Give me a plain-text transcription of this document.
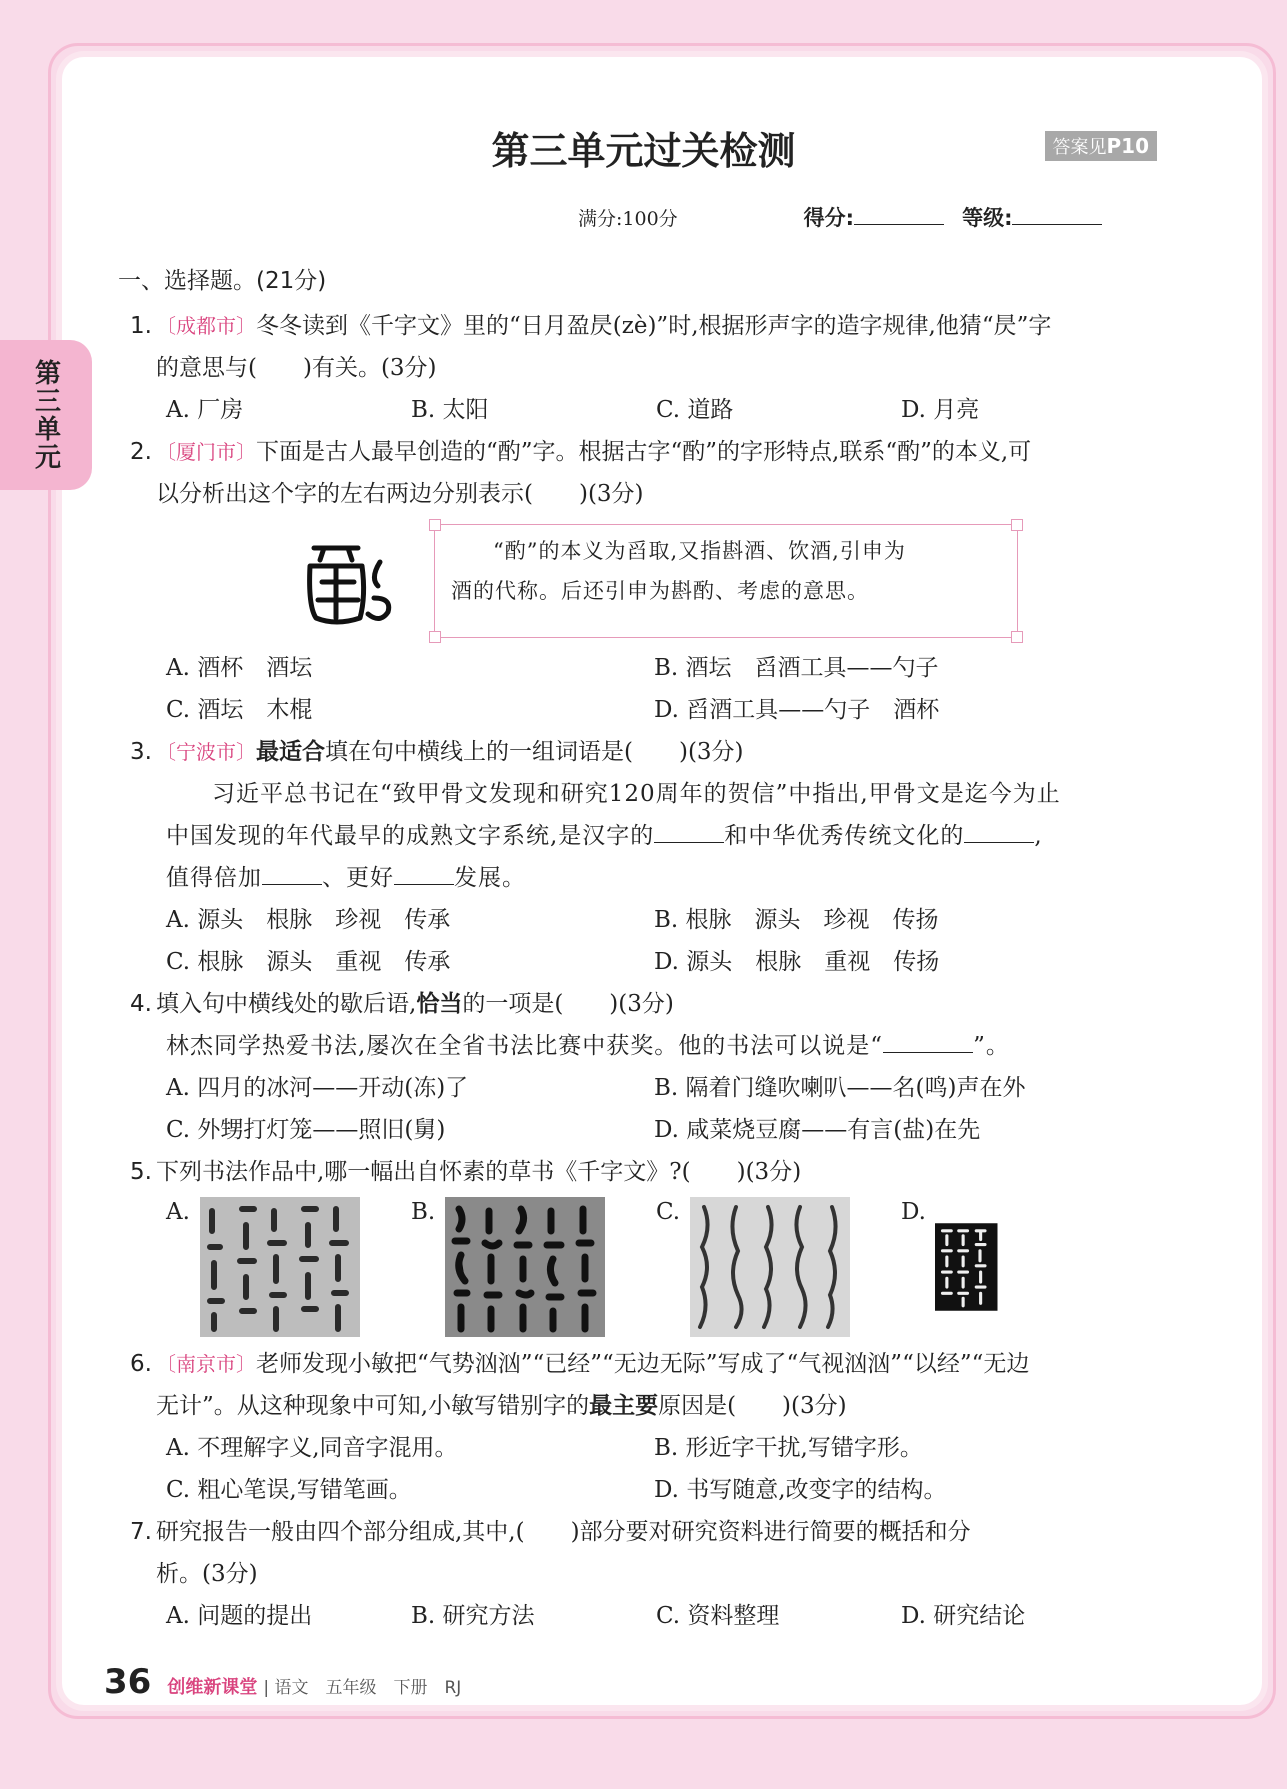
第三单元
第三单元过关检测	答案见P10
满分:100分	得分:	等级:
一、选择题。(21分)
1. 〔成都市〕冬冬读到《千字文》里的“日月盈昃(zè)”时,根据形声字的造字规律,他猜“昃”字

的意思与(　　)有关。(3分)

A. 厂房	B. 太阳	C. 道路	D. 月亮
2. 〔厦门市〕下面是古人最早创造的“酌”字。根据古字“酌”的字形特点,联系“酌”的本义,可

以分析出这个字的左右两边分别表示(　　)(3分)

“酌”的本义为舀取,又指斟酒、饮酒,引申为

酒的代称。后还引申为斟酌、考虑的意思。

A. 酒杯　酒坛	B. 酒坛　舀酒工具——勺子
C. 酒坛　木棍	D. 舀酒工具——勺子　酒杯
3. 〔宁波市〕最适合填在句中横线上的一组词语是(　　)(3分)

习近平总书记在“致甲骨文发现和研究120周年的贺信”中指出,甲骨文是迄今为止
中国发现的年代最早的成熟文字系统,是汉字的	和中华优秀传统文化的	,
值得倍加	、更好	发展。
A. 源头　根脉　珍视　传承	B. 根脉　源头　珍视　传扬
C. 根脉　源头　重视　传承	D. 源头　根脉　重视　传扬
4. 填入句中横线处的歇后语,恰当的一项是(　　)(3分)

林杰同学热爱书法,屡次在全省书法比赛中获奖。他的书法可以说是“	”。
A. 四月的冰河——开动(冻)了	B. 隔着门缝吹喇叭——名(鸣)声在外
C. 外甥打灯笼——照旧(舅)	D. 咸菜烧豆腐——有言(盐)在先
5. 下列书法作品中,哪一幅出自怀素的草书《千字文》?(　　)(3分)

A.	B.	C.	D.
6. 〔南京市〕老师发现小敏把“气势汹汹”“已经”“无边无际”写成了“气视汹汹”“以经”“无边

无计”。从这种现象中可知,小敏写错别字的最主要原因是(　　)(3分)

A. 不理解字义,同音字混用。	B. 形近字干扰,写错字形。
C. 粗心笔误,写错笔画。	D. 书写随意,改变字的结构。
7. 研究报告一般由四个部分组成,其中,(　　)部分要对研究资料进行简要的概括和分

析。(3分)

A. 问题的提出	B. 研究方法	C. 资料整理	D. 研究结论
36 创维新课堂 | 语文　五年级　下册　RJ
